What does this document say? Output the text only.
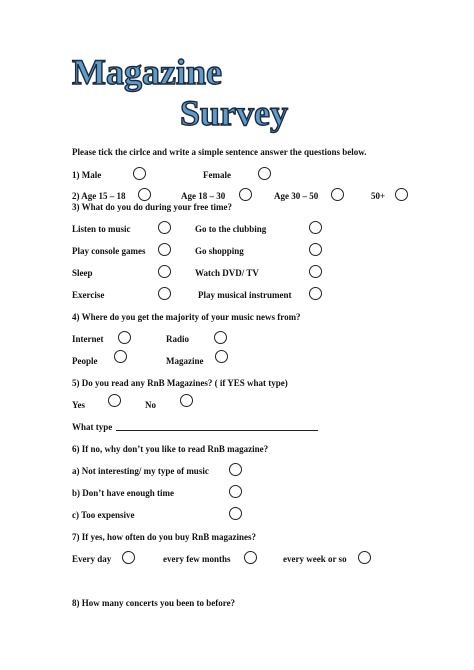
Magazine
Survey
Please tick the cirlce and write a simple sentence answer the questions below.
1) Male	Female
2) Age 15 – 18	Age 18 – 30	Age 30 – 50	50+
3) What do you do during your free time?
Listen to music	Go to the clubbing
Play console games	Go shopping
Sleep	Watch DVD/ TV
Exercise	Play musical instrument
4) Where do you get the majority of your music news from?
Internet	Radio
People	Magazine
5) Do you read any RnB Magazines? ( if YES what type)
Yes	No
What type
6) If no, why don’t you like to read RnB magazine?
a) Not interesting/ my type of music
b) Don’t have enough time
c) Too expensive
7) If yes, how often do you buy RnB magazines?
Every day	every few months	every week or so
8) How many concerts you been to before?
